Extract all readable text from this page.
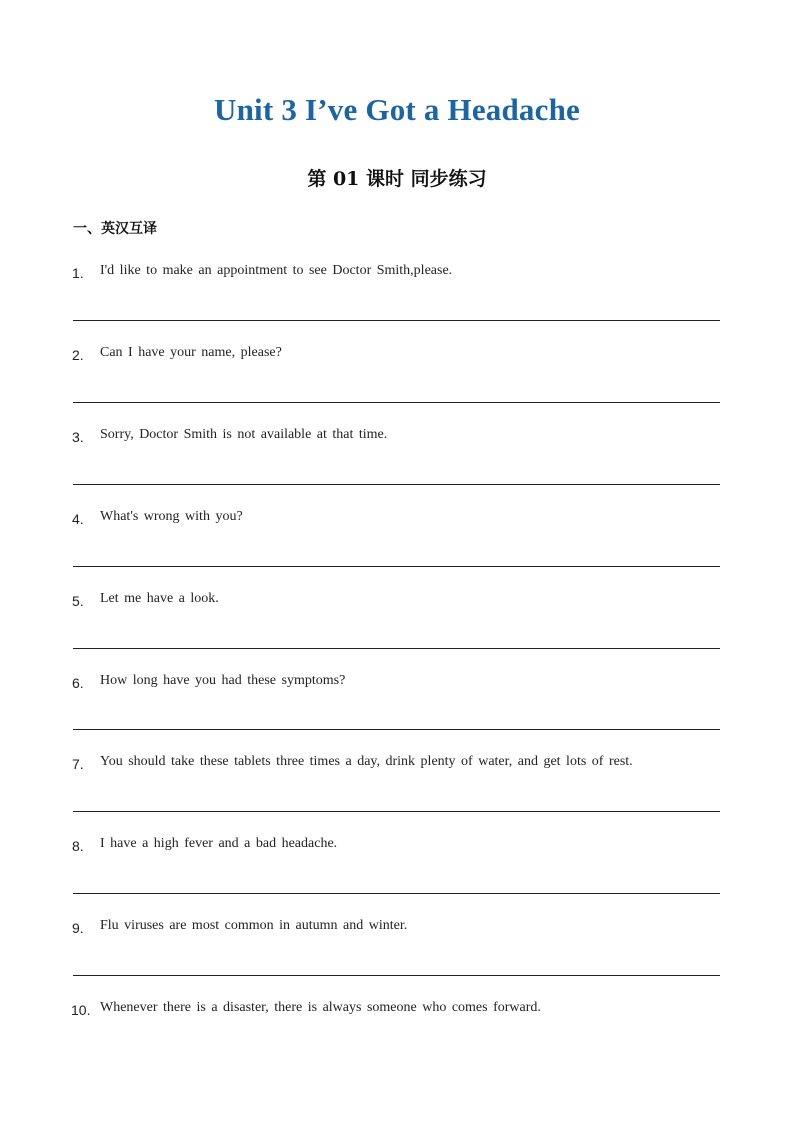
Unit 3 I’ve Got a Headache
第 01 课时 同步练习
一、英汉互译
1. I'd like to make an appointment to see Doctor Smith,please.
2. Can I have your name, please?
3. Sorry, Doctor Smith is not available at that time.
4. What's wrong with you?
5. Let me have a look.
6. How long have you had these symptoms?
7. You should take these tablets three times a day, drink plenty of water, and get lots of rest.
8. I have a high fever and a bad headache.
9. Flu viruses are most common in autumn and winter.
10. Whenever there is a disaster, there is always someone who comes forward.
